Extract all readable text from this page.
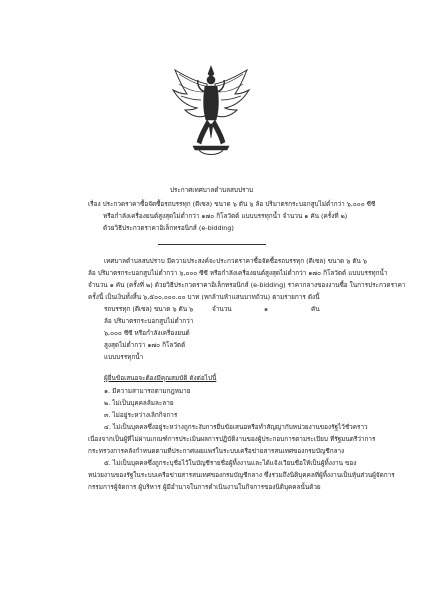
ประกาศเทศบาลตำบลสบปราบ
เรื่อง ประกวดราคาซื้อจัดซื้อรถบรรทุก (ดีเซล) ขนาด ๖ ตัน ๖ ล้อ ปริมาตรกระบอกสูบไม่ต่ำกว่า ๖,๐๐๐ ซีซี
หรือกำลังเครื่องยนต์สูงสุดไม่ต่ำกว่า ๑๗๐ กิโลวัตต์ แบบบรรทุกน้ำ จำนวน ๑ คัน (ครั้งที่ ๒)
ด้วยวิธีประกวดราคาอิเล็กทรอนิกส์ (e-bidding)
เทศบาลตำบลสบปราบ มีความประสงค์จะประกวดราคาซื้อจัดซื้อรถบรรทุก (ดีเซล) ขนาด ๖ ตัน ๖
ล้อ ปริมาตรกระบอกสูบไม่ต่ำกว่า ๖,๐๐๐ ซีซี หรือกำลังเครื่องยนต์สูงสุดไม่ต่ำกว่า ๑๗๐ กิโลวัตต์ แบบบรรทุกน้ำ
จำนวน ๑ คัน (ครั้งที่ ๒) ด้วยวิธีประกวดราคาอิเล็กทรอนิกส์ (e-bidding) ราคากลางของงานซื้อ ในการประกวดราคา
ครั้งนี้ เป็นเงินทั้งสิ้น ๖,๕๐๐,๐๐๐.๐๐ บาท (หกล้านห้าแสนบาทถ้วน) ตามรายการ ดังนี้
รถบรรทุก (ดีเซล) ขนาด ๖ ตัน ๖
ล้อ ปริมาตรกระบอกสูบไม่ต่ำกว่า
๖,๐๐๐ ซีซี หรือกำลังเครื่องยนต์
สูงสุดไม่ต่ำกว่า ๑๗๐ กิโลวัตต์
แบบบรรทุกน้ำ
จำนวน	๑	คัน
ผู้ยื่นข้อเสนอจะต้องมีคุณสมบัติ ดังต่อไปนี้
๑. มีความสามารถตามกฎหมาย
๒. ไม่เป็นบุคคลล้มละลาย
๓. ไม่อยู่ระหว่างเลิกกิจการ
๔. ไม่เป็นบุคคลซึ่งอยู่ระหว่างถูกระงับการยื่นข้อเสนอหรือทำสัญญากับหน่วยงานของรัฐไว้ชั่วคราว
เนื่องจากเป็นผู้ที่ไม่ผ่านเกณฑ์การประเมินผลการปฏิบัติงานของผู้ประกอบการตามระเบียบ ที่รัฐมนตรีว่าการ
กระทรวงการคลังกำหนดตามที่ประกาศเผยแพร่ในระบบเครือข่ายสารสนเทศของกรมบัญชีกลาง
๕. ไม่เป็นบุคคลซึ่งถูกระบุชื่อไว้ในบัญชีรายชื่อผู้ทิ้งงานและได้แจ้งเวียนชื่อให้เป็นผู้ทิ้งงาน ของ
หน่วยงานของรัฐในระบบเครือข่ายสารสนเทศของกรมบัญชีกลาง ซึ่งรวมถึงนิติบุคคลที่ผู้ทิ้งงานเป็นหุ้นส่วนผู้จัดการ
กรรมการผู้จัดการ ผู้บริหาร ผู้มีอำนาจในการดำเนินงานในกิจการของนิติบุคคลนั้นด้วย
